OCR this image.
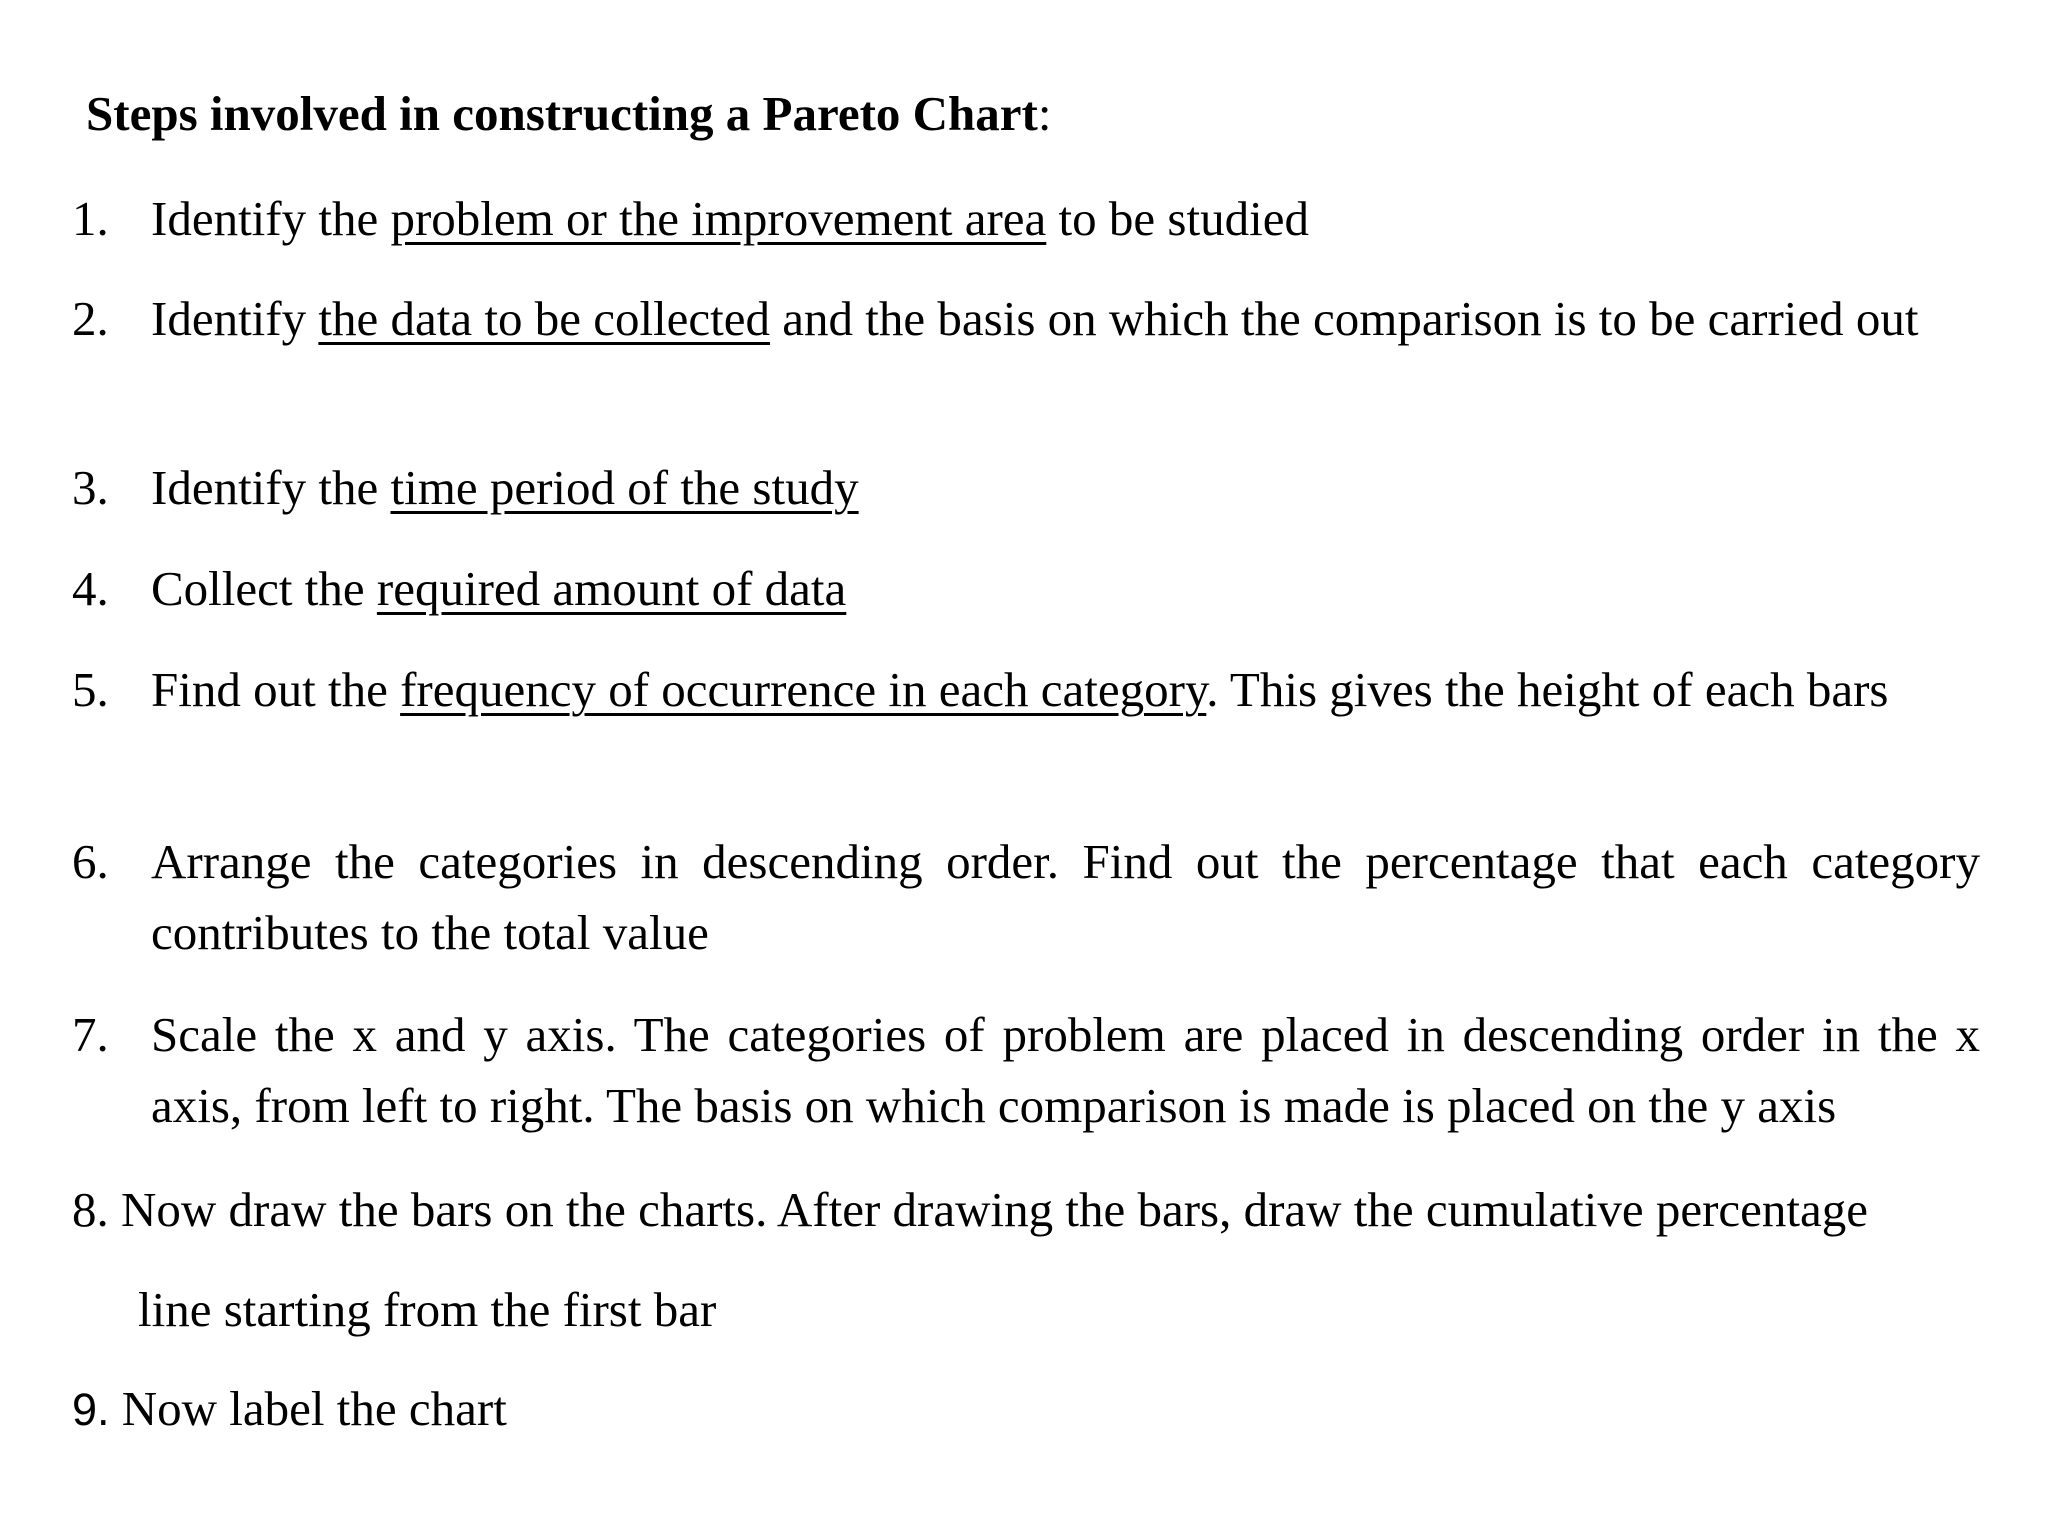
Steps involved in constructing a Pareto Chart:
1. Identify the problem or the improvement area to be studied
2. Identify the data to be collected and the basis on which the comparison is to be carried out
3. Identify the time period of the study
4. Collect the required amount of data
5. Find out the frequency of occurrence in each category. This gives the height of each bars
6. Arrange the categories in descending order. Find out the percentage that each category contributes to the total value
7. Scale the x and y axis. The categories of problem are placed in descending order in the x axis, from left to right. The basis on which comparison is made is placed on the y axis
8. Now draw the bars on the charts. After drawing the bars, draw the cumulative percentage
line starting from the first bar
9. Now label the chart
